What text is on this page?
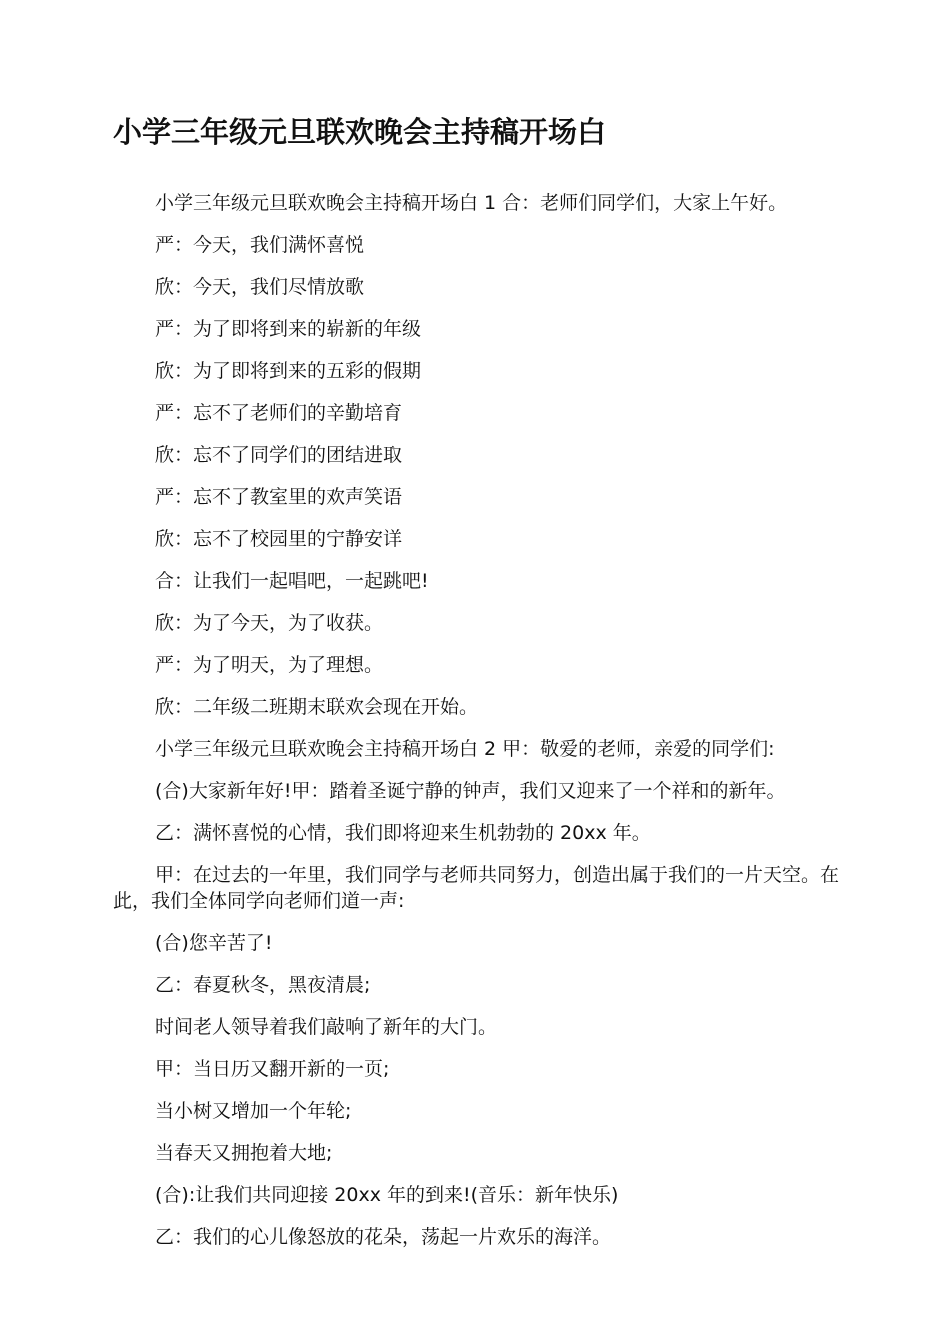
小学三年级元旦联欢晚会主持稿开场白

小学三年级元旦联欢晚会主持稿开场白 1 合：老师们同学们，大家上午好。

严：今天，我们满怀喜悦

欣：今天，我们尽情放歌

严：为了即将到来的崭新的年级

欣：为了即将到来的五彩的假期

严：忘不了老师们的辛勤培育

欣：忘不了同学们的团结进取

严：忘不了教室里的欢声笑语

欣：忘不了校园里的宁静安详

合：让我们一起唱吧，一起跳吧!

欣：为了今天，为了收获。

严：为了明天，为了理想。

欣：二年级二班期末联欢会现在开始。

小学三年级元旦联欢晚会主持稿开场白 2 甲：敬爱的老师，亲爱的同学们:

(合)大家新年好!甲：踏着圣诞宁静的钟声，我们又迎来了一个祥和的新年。

乙：满怀喜悦的心情，我们即将迎来生机勃勃的 20xx 年。

甲：在过去的一年里，我们同学与老师共同努力，创造出属于我们的一片天空。在此，我们全体同学向老师们道一声:

(合)您辛苦了!

乙：春夏秋冬，黑夜清晨;

时间老人领导着我们敲响了新年的大门。

甲：当日历又翻开新的一页;

当小树又增加一个年轮;

当春天又拥抱着大地;

(合):让我们共同迎接 20xx 年的到来!(音乐：新年快乐)

乙：我们的心儿像怒放的花朵，荡起一片欢乐的海洋。
